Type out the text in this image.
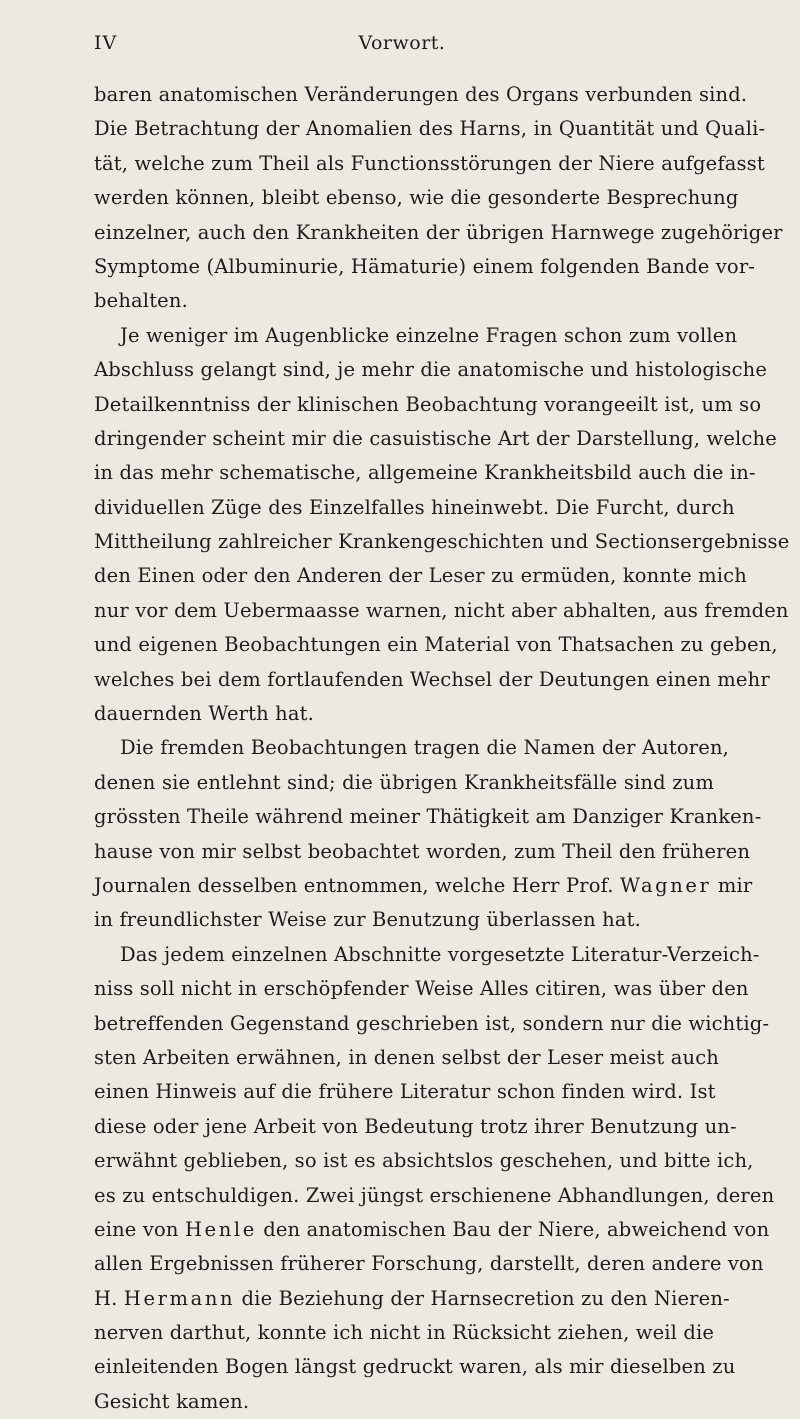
IV	Vorwort.
baren anatomischen Veränderungen des Organs verbunden sind.
Die Betrachtung der Anomalien des Harns, in Quantität und Quali-
tät, welche zum Theil als Functionsstörungen der Niere aufgefasst
werden können, bleibt ebenso, wie die gesonderte Besprechung
einzelner, auch den Krankheiten der übrigen Harnwege zugehöriger
Symptome (Albuminurie, Hämaturie) einem folgenden Bande vor-
behalten.
Je weniger im Augenblicke einzelne Fragen schon zum vollen
Abschluss gelangt sind, je mehr die anatomische und histologische
Detailkenntniss der klinischen Beobachtung vorangeeilt ist, um so
dringender scheint mir die casuistische Art der Darstellung, welche
in das mehr schematische, allgemeine Krankheitsbild auch die in-
dividuellen Züge des Einzelfalles hineinwebt. Die Furcht, durch
Mittheilung zahlreicher Krankengeschichten und Sectionsergebnisse
den Einen oder den Anderen der Leser zu ermüden, konnte mich
nur vor dem Uebermaasse warnen, nicht aber abhalten, aus fremden
und eigenen Beobachtungen ein Material von Thatsachen zu geben,
welches bei dem fortlaufenden Wechsel der Deutungen einen mehr
dauernden Werth hat.
Die fremden Beobachtungen tragen die Namen der Autoren,
denen sie entlehnt sind; die übrigen Krankheitsfälle sind zum
grössten Theile während meiner Thätigkeit am Danziger Kranken-
hause von mir selbst beobachtet worden, zum Theil den früheren
Journalen desselben entnommen, welche Herr Prof. Wagner mir
in freundlichster Weise zur Benutzung überlassen hat.
Das jedem einzelnen Abschnitte vorgesetzte Literatur-Verzeich-
niss soll nicht in erschöpfender Weise Alles citiren, was über den
betreffenden Gegenstand geschrieben ist, sondern nur die wichtig-
sten Arbeiten erwähnen, in denen selbst der Leser meist auch
einen Hinweis auf die frühere Literatur schon finden wird. Ist
diese oder jene Arbeit von Bedeutung trotz ihrer Benutzung un-
erwähnt geblieben, so ist es absichtslos geschehen, und bitte ich,
es zu entschuldigen. Zwei jüngst erschienene Abhandlungen, deren
eine von Henle den anatomischen Bau der Niere, abweichend von
allen Ergebnissen früherer Forschung, darstellt, deren andere von
H. Hermann die Beziehung der Harnsecretion zu den Nieren-
nerven darthut, konnte ich nicht in Rücksicht ziehen, weil die
einleitenden Bogen längst gedruckt waren, als mir dieselben zu
Gesicht kamen.
